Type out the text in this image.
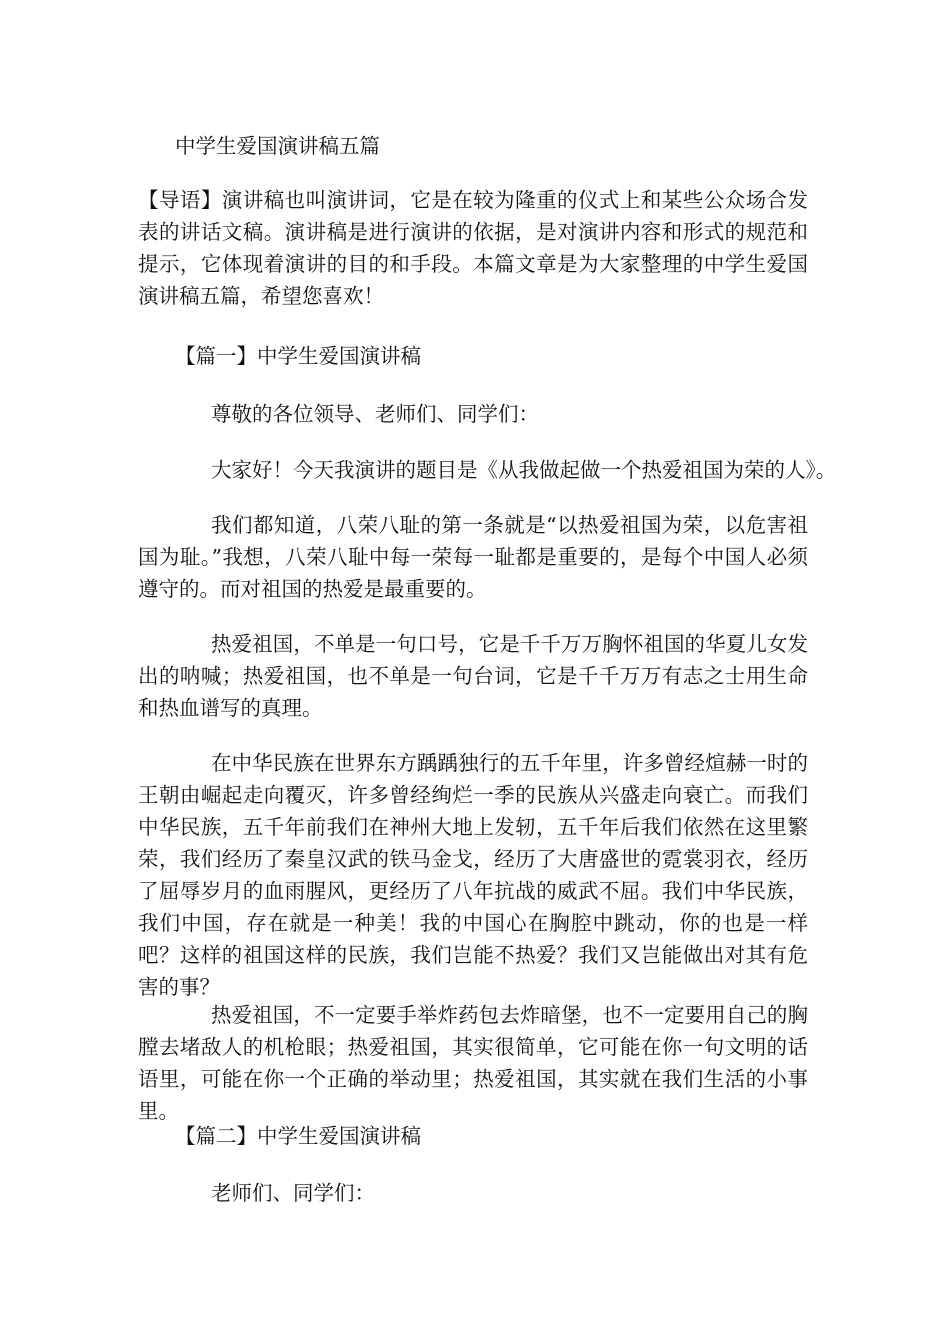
中学生爱国演讲稿五篇

【导语】演讲稿也叫演讲词，它是在较为隆重的仪式上和某些公众场合发表的讲话文稿。演讲稿是进行演讲的依据，是对演讲内容和形式的规范和提示，它体现着演讲的目的和手段。本篇文章是为大家整理的中学生爱国演讲稿五篇，希望您喜欢！

【篇一】中学生爱国演讲稿

尊敬的各位领导、老师们、同学们：

大家好！今天我演讲的题目是《从我做起做一个热爱祖国为荣的人》。

我们都知道，八荣八耻的第一条就是“以热爱祖国为荣，以危害祖国为耻。”我想，八荣八耻中每一荣每一耻都是重要的，是每个中国人必须遵守的。而对祖国的热爱是最重要的。

热爱祖国，不单是一句口号，它是千千万万胸怀祖国的华夏儿女发出的呐喊；热爱祖国，也不单是一句台词，它是千千万万有志之士用生命和热血谱写的真理。

在中华民族在世界东方踽踽独行的五千年里，许多曾经煊赫一时的王朝由崛起走向覆灭，许多曾经绚烂一季的民族从兴盛走向衰亡。而我们中华民族，五千年前我们在神州大地上发轫，五千年后我们依然在这里繁荣，我们经历了秦皇汉武的铁马金戈，经历了大唐盛世的霓裳羽衣，经历了屈辱岁月的血雨腥风，更经历了八年抗战的威武不屈。我们中华民族，我们中国，存在就是一种美！我的中国心在胸腔中跳动，你的也是一样吧？这样的祖国这样的民族，我们岂能不热爱？我们又岂能做出对其有危害的事？

热爱祖国，不一定要手举炸药包去炸暗堡，也不一定要用自己的胸膛去堵敌人的机枪眼；热爱祖国，其实很简单，它可能在你一句文明的话语里，可能在你一个正确的举动里；热爱祖国，其实就在我们生活的小事里。

【篇二】中学生爱国演讲稿

老师们、同学们：
